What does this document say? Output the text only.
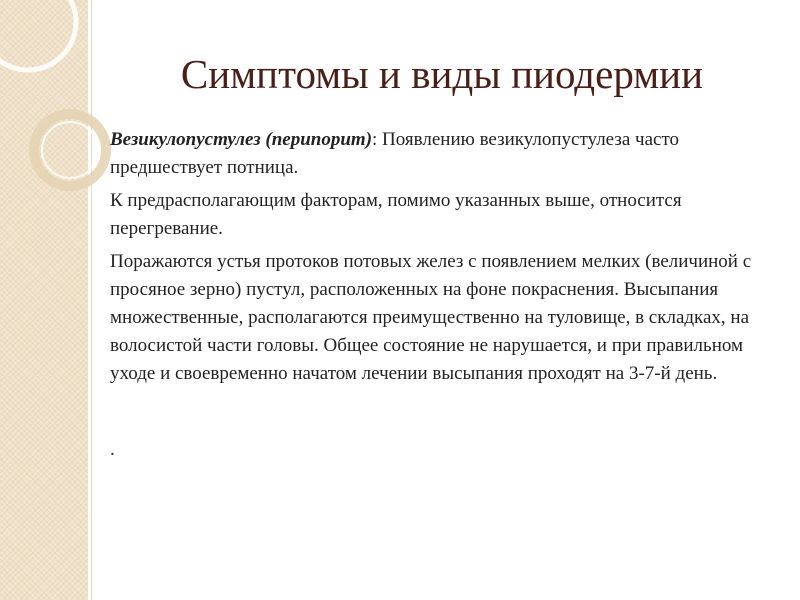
Симптомы и виды пиодермии

Везикулопустулез (перипорит): Появлению везикулопустулеза часто предшествует потница.

К предрасполагающим факторам, помимо указанных выше, относится перегревание.

Поражаются устья протоков потовых желез с появлением мелких (величиной с просяное зерно) пустул, расположенных на фоне покраснения. Высыпания множественные, располагаются преимущественно на туловище, в складках, на волосистой части головы. Общее состояние не нарушается, и при правильном уходе и своевременно начатом лечении высыпания проходят на 3-7-й день.

.
